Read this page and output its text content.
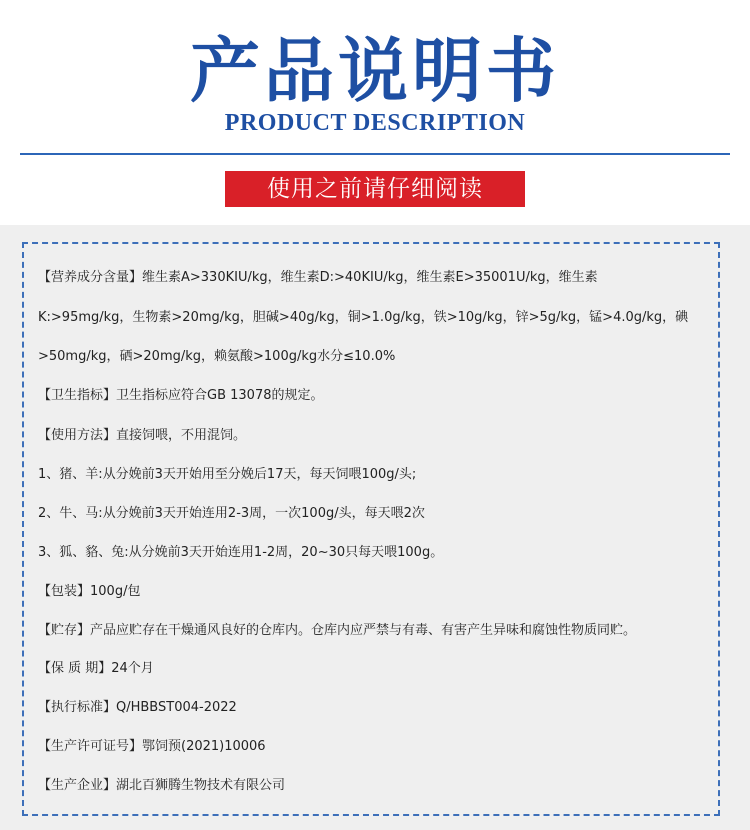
产品说明书
PRODUCT DESCRIPTION
使用之前请仔细阅读
【营养成分含量】维生素A>330KIU/kg，维生素D:>40KIU/kg，维生素E>35001U/kg，维生素
K:>95mg/kg，生物素>20mg/kg，胆碱>40g/kg，铜>1.0g/kg，铁>10g/kg，锌>5g/kg，锰>4.0g/kg，碘
>50mg/kg，硒>20mg/kg，赖氨酸>100g/kg水分≤10.0%
【卫生指标】卫生指标应符合GB 13078的规定。
【使用方法】直接饲喂，不用混饲。
1、猪、羊:从分娩前3天开始用至分娩后17天，每天饲喂100g/头;
2、牛、马:从分娩前3天开始连用2-3周，一次100g/头，每天喂2次
3、狐、貉、兔:从分娩前3天开始连用1-2周，20~30只每天喂100g。
【包装】100g/包
【贮存】产品应贮存在干燥通风良好的仓库内。仓库内应严禁与有毒、有害产生异味和腐蚀性物质同贮。
【保 质 期】24个月
【执行标准】Q/HBBST004-2022
【生产许可证号】鄂饲预(2021)10006
【生产企业】湖北百狮腾生物技术有限公司
